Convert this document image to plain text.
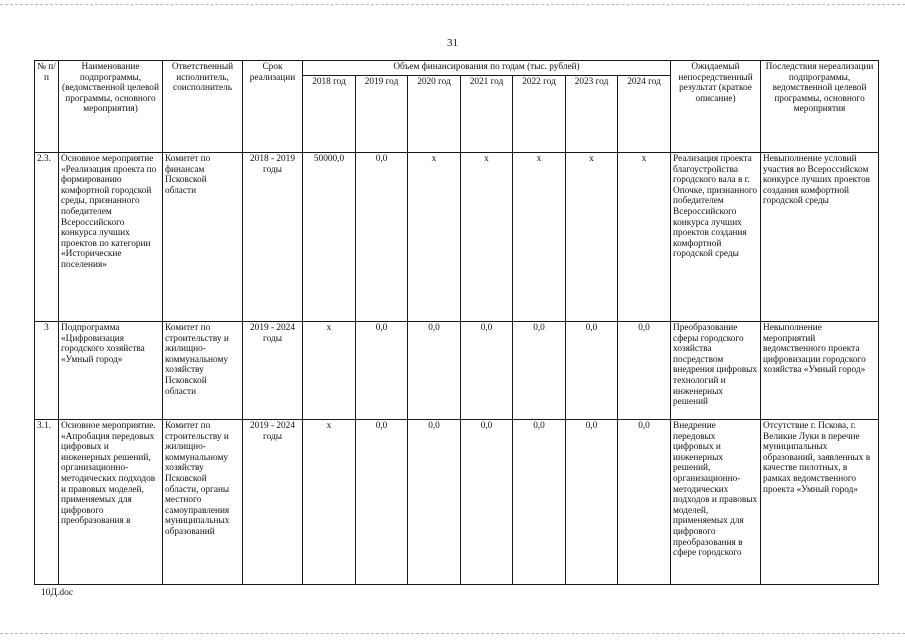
31
№ п/п	Наименование подпрограммы, (ведомственной целевой программы, основного мероприятия)	Ответственный исполнитель, соисполнитель	Срок реализации	Объем финансирования по годам (тыс. рублей)							Ожидаемый непосредственный результат (краткое описание)	Последствия нереализации подпрограммы, ведомственной целевой программы, основного мероприятия
				2018 год	2019 год	2020 год	2021 год	2022 год	2023 год	2024 год		
2.3.	Основное мероприятие «Реализация проекта по формированию комфортной городской среды, признанного победителем Всероссийского конкурса лучших проектов по категории «Исторические поселения»	Комитет по финансам Псковской области	2018 - 2019 годы	50000,0	0,0	x	x	x	x	x	Реализация проекта благоустройства городского вала в г. Опочке, признанного победителем Всероссийского конкурса лучших проектов создания комфортной городской среды	Невыполнение условий участия во Всероссийском конкурсе лучших проектов создания комфортной городской среды
3	Подпрограмма «Цифровизация городского хозяйства «Умный город»	Комитет по строительству и жилищно-коммунальному хозяйству Псковской области	2019 - 2024 годы	x	0,0	0,0	0,0	0,0	0,0	0,0	Преобразование сферы городского хозяйства посредством внедрения цифровых технологий и инженерных решений	Невыполнение мероприятий ведомственного проекта цифровизации городского хозяйства «Умный город»
3.1.	Основное мероприятие. «Апробация передовых цифровых и инженерных решений, организационно-методических подходов и правовых моделей, применяемых для цифрового преобразования в	Комитет по строительству и жилищно-коммунальному хозяйству Псковской области, органы местного самоуправления муниципальных образований	2019 - 2024 годы	x	0,0	0,0	0,0	0,0	0,0	0,0	Внедрение передовых цифровых и инженерных решений, организационно-методических подходов и правовых моделей, применяемых для цифрового преобразования в сфере городского	Отсутствие г. Пскова, г. Великие Луки в перечне муниципальных образований, заявленных в качестве пилотных, в рамках ведомственного проекта «Умный город»
10Д.doc
